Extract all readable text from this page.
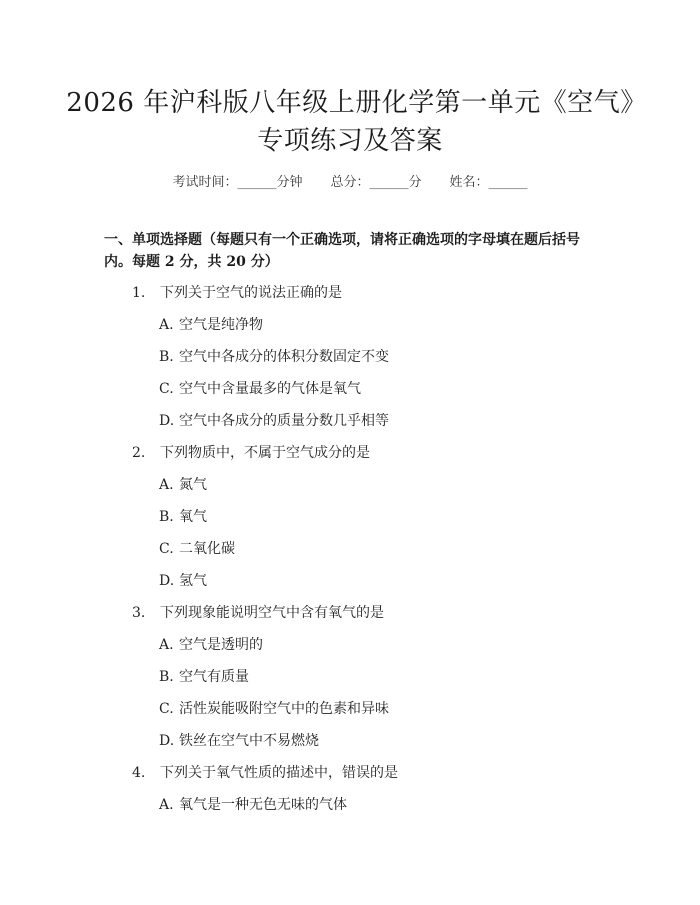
2026 年沪科版八年级上册化学第一单元《空气》专项练习及答案
考试时间：______分钟 总分：______分 姓名：______
一、单项选择题（每题只有一个正确选项，请将正确选项的字母填在题后括号内。每题 2 分，共 20 分）
1. 下列关于空气的说法正确的是
A. 空气是纯净物
B. 空气中各成分的体积分数固定不变
C. 空气中含量最多的气体是氧气
D. 空气中各成分的质量分数几乎相等
2. 下列物质中，不属于空气成分的是
A. 氮气
B. 氧气
C. 二氧化碳
D. 氢气
3. 下列现象能说明空气中含有氧气的是
A. 空气是透明的
B. 空气有质量
C. 活性炭能吸附空气中的色素和异味
D. 铁丝在空气中不易燃烧
4. 下列关于氧气性质的描述中，错误的是
A. 氧气是一种无色无味的气体
